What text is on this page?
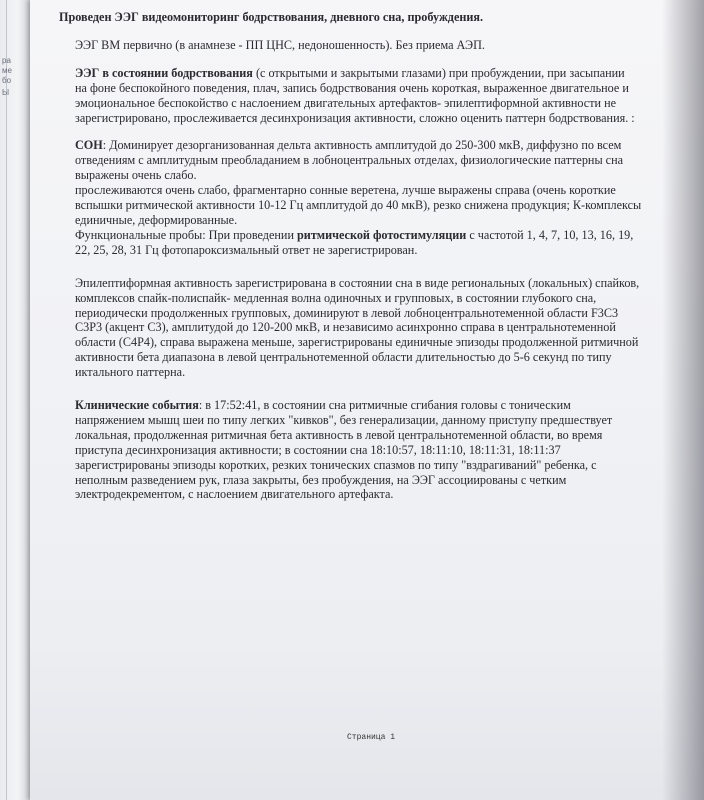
ра
ме
бо
Ы

Проведен ЭЭГ видеомониторинг бодрствования, дневного сна, пробуждения.

ЭЭГ ВМ первично (в анамнезе - ПП ЦНС, недоношенность). Без приема АЭП.

ЭЭГ в состоянии бодрствования (с открытыми и закрытыми глазами) при пробуждении, при засыпании

на фоне беспокойного поведения, плач, запись бодрствования очень короткая, выраженное двигательное и

эмоциональное беспокойство с наслоением двигательных артефактов- эпилептиформной активности не

зарегистрировано, прослеживается десинхронизация активности, сложно оценить паттерн бодрствования. :

СОН: Доминирует дезорганизованная дельта активность амплитудой до 250-300 мкВ, диффузно по всем

отведениям с амплитудным преобладанием в лобноцентральных отделах, физиологические паттерны сна

выражены очень слабо.

прослеживаются очень слабо, фрагментарно сонные веретена, лучше выражены справа (очень короткие

вспышки ритмической активности 10-12 Гц амплитудой до 40 мкВ), резко снижена продукция; К-комплексы

единичные, деформированные.

Функциональные пробы: При проведении ритмической фотостимуляции с частотой 1, 4, 7, 10, 13, 16, 19,

22, 25, 28, 31 Гц фотопароксизмальный ответ не зарегистрирован.

Эпилептиформная активность зарегистрирована в состоянии сна в виде региональных (локальных) спайков,

комплексов спайк-полиспайк- медленная волна одиночных и групповых, в состоянии глубокого сна,

периодически продолженных групповых, доминируют в левой лобноцентральнотеменной области F3C3

C3P3 (акцент C3), амплитудой до 120-200 мкВ, и независимо асинхронно справа в центральнотеменной

области (C4P4), справа выражена меньше, зарегистрированы единичные эпизоды продолженной ритмичной

активности бета диапазона в левой центральнотеменной области длительностью до 5-6 секунд по типу

иктального паттерна.

Клинические события: в 17:52:41, в состоянии сна ритмичные сгибания головы с тоническим

напряжением мышц шеи по типу легких "кивков", без генерализации, данному приступу предшествует

локальная, продолженная ритмичная бета активность в левой центральнотеменной области, во время

приступа десинхронизация активности; в состоянии сна 18:10:57, 18:11:10, 18:11:31, 18:11:37

зарегистрированы эпизоды коротких, резких тонических спазмов по типу "вздрагиваний" ребенка, с

неполным разведением рук, глаза закрыты, без пробуждения, на ЭЭГ ассоциированы с четким

электродекрементом, с наслоением двигательного артефакта.

Страница 1
